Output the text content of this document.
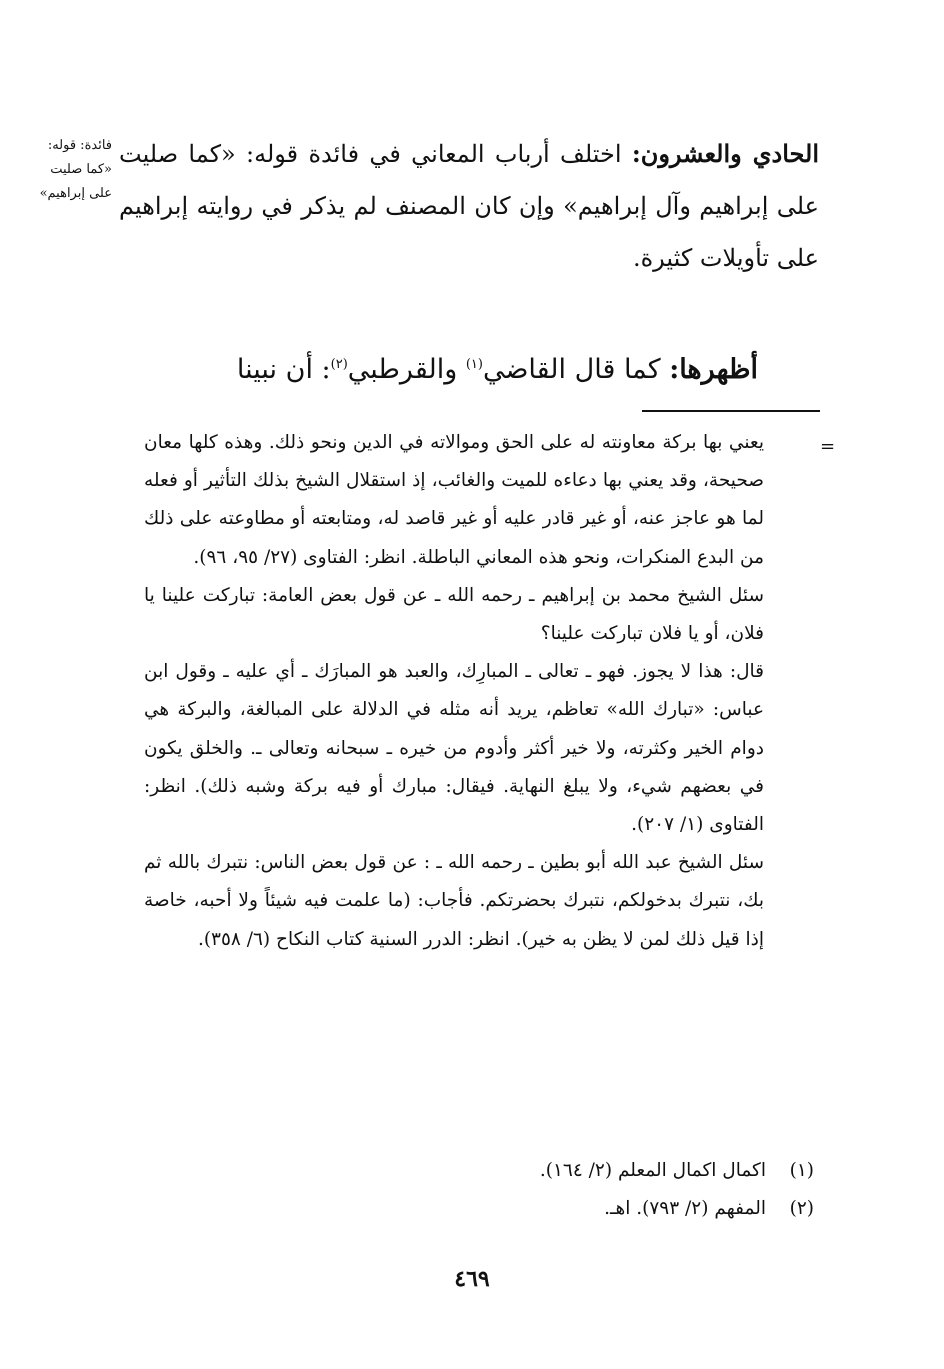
فائدة: قوله:
«كما صليت
على إبراهيم»
الحادي والعشرون: اختلف أرباب المعاني في فائدة قوله: «كما صليت على إبراهيم وآل إبراهيم» وإن كان المصنف لم يذكر في روايته إبراهيم على تأويلات كثيرة.
أظهرها: كما قال القاضي$^{(١)}$ والقرطبي$^{(٢)}$: أن نبينا
=

يعني بها بركة معاونته له على الحق وموالاته في الدين ونحو ذلك. وهذه كلها معان صحيحة، وقد يعني بها دعاءه للميت والغائب، إذ استقلال الشيخ بذلك التأثير أو فعله لما هو عاجز عنه، أو غير قادر عليه أو غير قاصد له، ومتابعته أو مطاوعته على ذلك من البدع المنكرات، ونحو هذه المعاني الباطلة. انظر: الفتاوى (٢٧/ ٩٥، ٩٦).

سئل الشيخ محمد بن إبراهيم ـ رحمه الله ـ عن قول بعض العامة: تباركت علينا يا فلان، أو يا فلان تباركت علينا؟

قال: هذا لا يجوز. فهو ـ تعالى ـ المبارِك، والعبد هو المبارَك ـ أي عليه ـ وقول ابن عباس: «تبارك الله» تعاظم، يريد أنه مثله في الدلالة على المبالغة، والبركة هي دوام الخير وكثرته، ولا خير أكثر وأدوم من خيره ـ سبحانه وتعالى ـ. والخلق يكون في بعضهم شيء، ولا يبلغ النهاية. فيقال: مبارك أو فيه بركة وشبه ذلك). انظر: الفتاوى (١/ ٢٠٧).

سئل الشيخ عبد الله أبو بطين ـ رحمه الله ـ : عن قول بعض الناس: نتبرك بالله ثم بك، نتبرك بدخولكم، نتبرك بحضرتكم. فأجاب: (ما علمت فيه شيئاً ولا أحبه، خاصة إذا قيل ذلك لمن لا يظن به خير). انظر: الدرر السنية كتاب النكاح (٦/ ٣٥٨).

(١)
اكمال اكمال المعلم (٢/ ١٦٤).
(٢)
المفهم (٢/ ٧٩٣). اهـ.
٤٦٩
